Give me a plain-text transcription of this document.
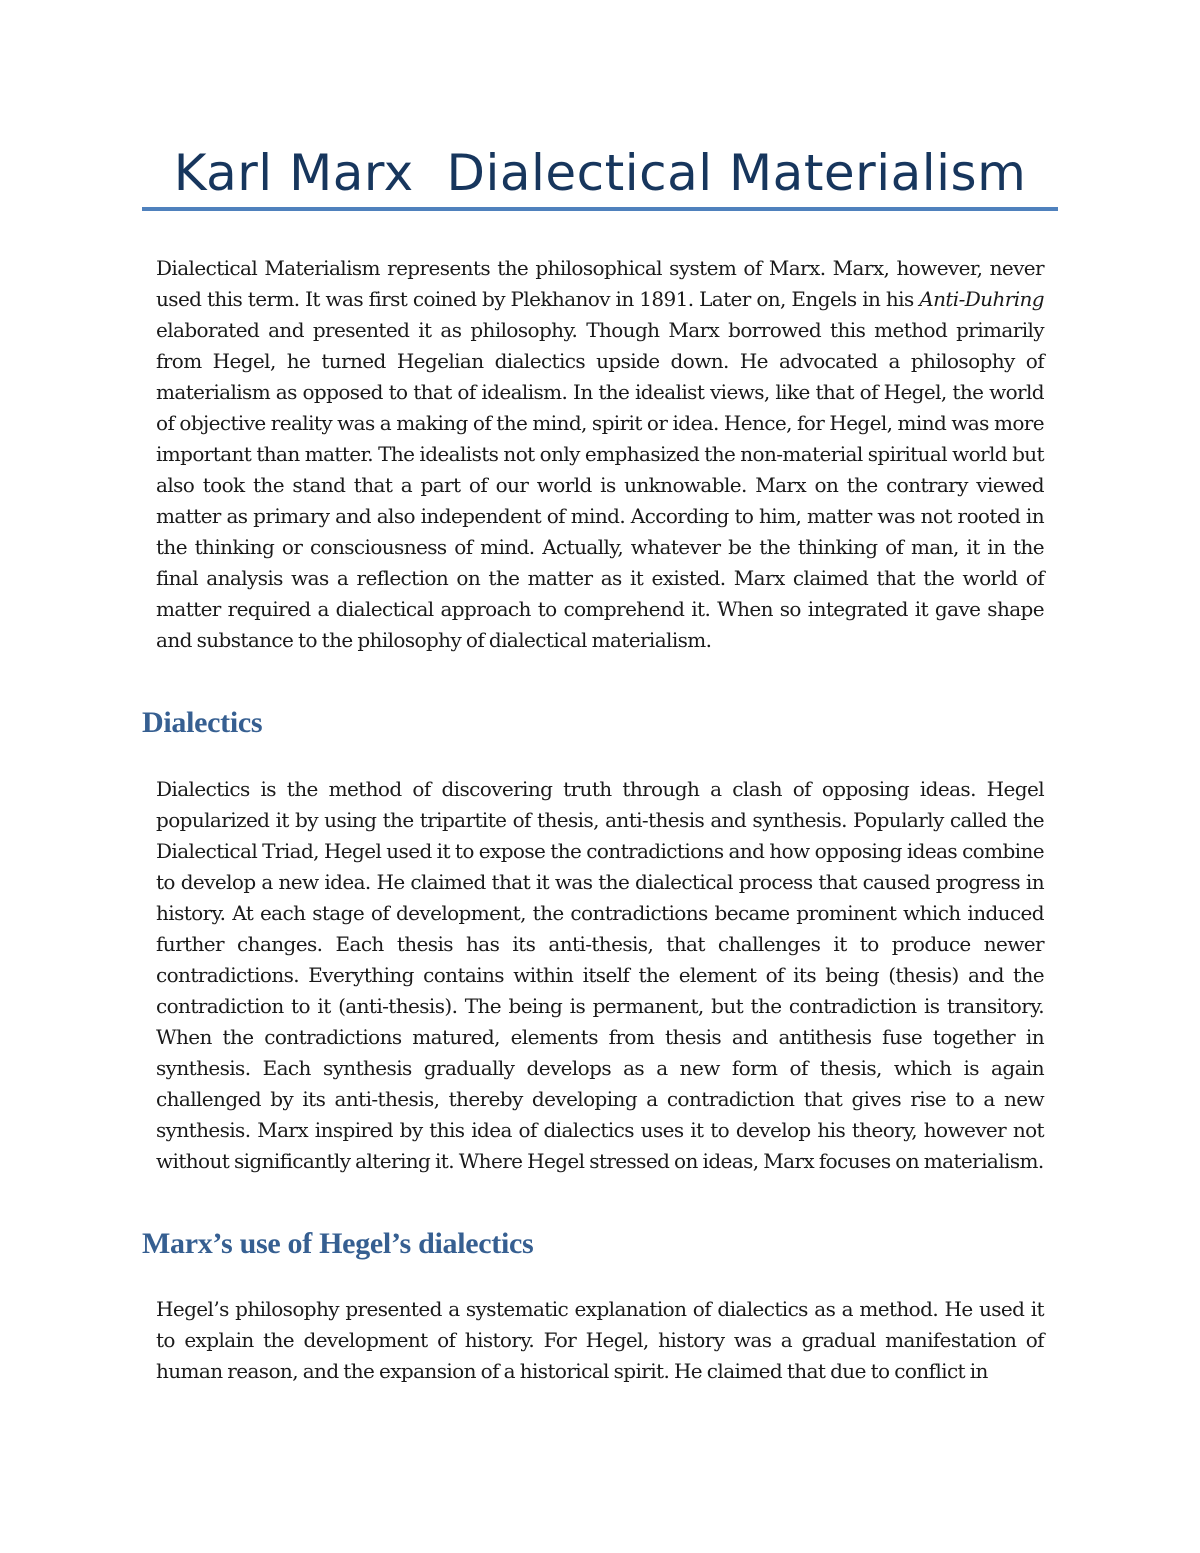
Karl Marx  Dialectical Materialism

Dialectical Materialism represents the philosophical system of Marx. Marx, however, never used this term. It was first coined by Plekhanov in 1891. Later on, Engels in his Anti-Duhring elaborated and presented it as philosophy. Though Marx borrowed this method primarily from Hegel, he turned Hegelian dialectics upside down. He advocated a philosophy of materialism as opposed to that of idealism. In the idealist views, like that of Hegel, the world of objective reality was a making of the mind, spirit or idea. Hence, for Hegel, mind was more important than matter. The idealists not only emphasized the non-material spiritual world but also took the stand that a part of our world is unknowable. Marx on the contrary viewed matter as primary and also independent of mind. According to him, matter was not rooted in the thinking or consciousness of mind. Actually, whatever be the thinking of man, it in the final analysis was a reflection on the matter as it existed. Marx claimed that the world of matter required a dialectical approach to comprehend it. When so integrated it gave shape and substance to the philosophy of dialectical materialism.

Dialectics

Dialectics is the method of discovering truth through a clash of opposing ideas. Hegel popularized it by using the tripartite of thesis, anti-thesis and synthesis. Popularly called the Dialectical Triad, Hegel used it to expose the contradictions and how opposing ideas combine to develop a new idea. He claimed that it was the dialectical process that caused progress in history. At each stage of development, the contradictions became prominent which induced further changes. Each thesis has its anti-thesis, that challenges it to produce newer contradictions. Everything contains within itself the element of its being (thesis) and the contradiction to it (anti-thesis). The being is permanent, but the contradiction is transitory. When the contradictions matured, elements from thesis and antithesis fuse together in synthesis. Each synthesis gradually develops as a new form of thesis, which is again challenged by its anti-thesis, thereby developing a contradiction that gives rise to a new synthesis. Marx inspired by this idea of dialectics uses it to develop his theory, however not without significantly altering it. Where Hegel stressed on ideas, Marx focuses on materialism.

Marx’s use of Hegel’s dialectics

Hegel’s philosophy presented a systematic explanation of dialectics as a method. He used it to explain the development of history. For Hegel, history was a gradual manifestation of human reason, and the expansion of a historical spirit. He claimed that due to conflict in
